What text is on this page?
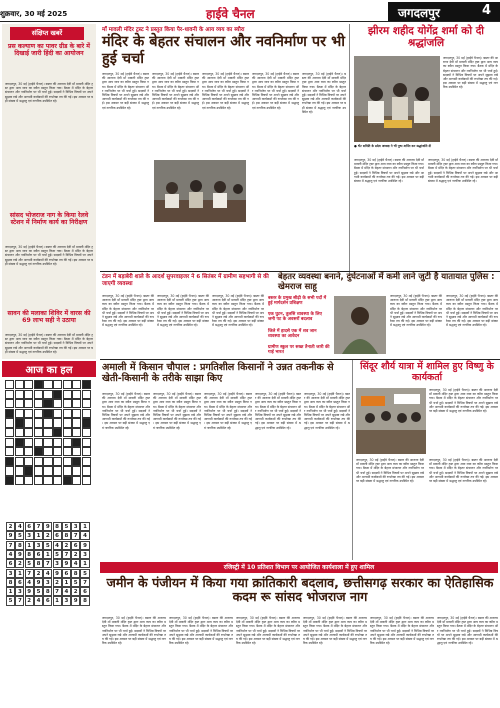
शुक्रवार, 30 मई 2025	हाईवे चैनल	जगदलपुर	4
संक्षिप्त खबरें
प्रस कल्याण का पावर ग्रीड के बारे में दिखाई जारी हिंदी का आयोजन
जगदलपुर, 30 मई (हाईवे चैनल)। बस्तर की आराध्य देवी माँ मावली मंदिर ट्रस्ट द्वारा आय व्यय का ब्यौरा प्रस्तुत किया गया। बैठक में मंदिर के बेहतर संचालन और नवनिर्माण पर भी चर्चा हुई। सदस्यों ने विभिन्न विषयों पर अपने सुझाव रखे और आगामी कार्यक्रमों की रूपरेखा तय की गई। इस अवसर पर बड़ी संख्या में श्रद्धालु एवं नागरिक उपस्थित रहे।
सांसद भोजराज नाग के किया रेलवे स्टेशन में निर्माण कार्य का निरीक्षण
जगदलपुर, 30 मई (हाईवे चैनल)। बस्तर की आराध्य देवी माँ मावली मंदिर ट्रस्ट द्वारा आय व्यय का ब्यौरा प्रस्तुत किया गया। बैठक में मंदिर के बेहतर संचालन और नवनिर्माण पर भी चर्चा हुई। सदस्यों ने विभिन्न विषयों पर अपने सुझाव रखे और आगामी कार्यक्रमों की रूपरेखा तय की गई। इस अवसर पर बड़ी संख्या में श्रद्धालु एवं नागरिक उपस्थित रहे।
सावन की मलाका शिविर में वारस की 69 लाभ सही ने उठाया
जगदलपुर, 30 मई (हाईवे चैनल)। बस्तर की आराध्य देवी माँ मावली मंदिर ट्रस्ट द्वारा आय व्यय का ब्यौरा प्रस्तुत किया गया। बैठक में मंदिर के बेहतर संचालन और नवनिर्माण पर भी चर्चा हुई। सदस्यों ने विभिन्न विषयों पर अपने सुझाव रखे और आगामी कार्यक्रमों की रूपरेखा तय की गई। इस अवसर पर बड़ी संख्या में श्रद्धालु एवं नागरिक उपस्थित रहे।
माँ मावली मंदिर ट्रस्ट ने प्रस्तुत किया पैर-धावनी के आय व्यय का ब्यौरा
मंदिर के बेहतर संचालन और नवनिर्माण पर भी हुई चर्चा
जगदलपुर, 30 मई (हाईवे चैनल)। बस्तर की आराध्य देवी माँ मावली मंदिर ट्रस्ट द्वारा आय व्यय का ब्यौरा प्रस्तुत किया गया। बैठक में मंदिर के बेहतर संचालन और नवनिर्माण पर भी चर्चा हुई। सदस्यों ने विभिन्न विषयों पर अपने सुझाव रखे और आगामी कार्यक्रमों की रूपरेखा तय की गई। इस अवसर पर बड़ी संख्या में श्रद्धालु एवं नागरिक उपस्थित रहे।
जगदलपुर, 30 मई (हाईवे चैनल)। बस्तर की आराध्य देवी माँ मावली मंदिर ट्रस्ट द्वारा आय व्यय का ब्यौरा प्रस्तुत किया गया। बैठक में मंदिर के बेहतर संचालन और नवनिर्माण पर भी चर्चा हुई। सदस्यों ने विभिन्न विषयों पर अपने सुझाव रखे और आगामी कार्यक्रमों की रूपरेखा तय की गई। इस अवसर पर बड़ी संख्या में श्रद्धालु एवं नागरिक उपस्थित रहे।
जगदलपुर, 30 मई (हाईवे चैनल)। बस्तर की आराध्य देवी माँ मावली मंदिर ट्रस्ट द्वारा आय व्यय का ब्यौरा प्रस्तुत किया गया। बैठक में मंदिर के बेहतर संचालन और नवनिर्माण पर भी चर्चा हुई। सदस्यों ने विभिन्न विषयों पर अपने सुझाव रखे और आगामी कार्यक्रमों की रूपरेखा तय की गई। इस अवसर पर बड़ी संख्या में श्रद्धालु एवं नागरिक उपस्थित रहे।
जगदलपुर, 30 मई (हाईवे चैनल)। बस्तर की आराध्य देवी माँ मावली मंदिर ट्रस्ट द्वारा आय व्यय का ब्यौरा प्रस्तुत किया गया। बैठक में मंदिर के बेहतर संचालन और नवनिर्माण पर भी चर्चा हुई। सदस्यों ने विभिन्न विषयों पर अपने सुझाव रखे और आगामी कार्यक्रमों की रूपरेखा तय की गई। इस अवसर पर बड़ी संख्या में श्रद्धालु एवं नागरिक उपस्थित रहे।
जगदलपुर, 30 मई (हाईवे चैनल)। बस्तर की आराध्य देवी माँ मावली मंदिर ट्रस्ट द्वारा आय व्यय का ब्यौरा प्रस्तुत किया गया। बैठक में मंदिर के बेहतर संचालन और नवनिर्माण पर भी चर्चा हुई। सदस्यों ने विभिन्न विषयों पर अपने सुझाव रखे और आगामी कार्यक्रमों की रूपरेखा तय की गई। इस अवसर पर बड़ी संख्या में श्रद्धालु एवं नागरिक उपस्थित रहे।
झीरम शहीद योगेंद्र शर्मा को दी श्रद्धांजलि
● भेंट समिति के प्रदेश अध्यक्ष ने भी पुष्प अर्पित कर श्रद्धांजलि दी
जगदलपुर, 30 मई (हाईवे चैनल)। बस्तर की आराध्य देवी माँ मावली मंदिर ट्रस्ट द्वारा आय व्यय का ब्यौरा प्रस्तुत किया गया। बैठक में मंदिर के बेहतर संचालन और नवनिर्माण पर भी चर्चा हुई। सदस्यों ने विभिन्न विषयों पर अपने सुझाव रखे और आगामी कार्यक्रमों की रूपरेखा तय की गई। इस अवसर पर बड़ी संख्या में श्रद्धालु एवं नागरिक उपस्थित रहे।
जगदलपुर, 30 मई (हाईवे चैनल)। बस्तर की आराध्य देवी माँ मावली मंदिर ट्रस्ट द्वारा आय व्यय का ब्यौरा प्रस्तुत किया गया। बैठक में मंदिर के बेहतर संचालन और नवनिर्माण पर भी चर्चा हुई। सदस्यों ने विभिन्न विषयों पर अपने सुझाव रखे और आगामी कार्यक्रमों की रूपरेखा तय की गई। इस अवसर पर बड़ी संख्या में श्रद्धालु एवं नागरिक उपस्थित रहे।
जगदलपुर, 30 मई (हाईवे चैनल)। बस्तर की आराध्य देवी माँ मावली मंदिर ट्रस्ट द्वारा आय व्यय का ब्यौरा प्रस्तुत किया गया। बैठक में मंदिर के बेहतर संचालन और नवनिर्माण पर भी चर्चा हुई। सदस्यों ने विभिन्न विषयों पर अपने सुझाव रखे और आगामी कार्यक्रमों की रूपरेखा तय की गई। इस अवसर पर बड़ी संख्या में श्रद्धालु एवं नागरिक उपस्थित रहे।
टंडन में बड़ाबेरी शाले के आदर्श सुपरवाइजर ने 6 सितंबर में ग्रामीण सहभागी से की जाएगी व्यवस्था
बेहतर व्यवस्था बनाने, दुर्घटनाओं में कमी लाने जुटी है यातायात पुलिस : खेमराज साहू
जगदलपुर, 30 मई (हाईवे चैनल)। बस्तर की आराध्य देवी माँ मावली मंदिर ट्रस्ट द्वारा आय व्यय का ब्यौरा प्रस्तुत किया गया। बैठक में मंदिर के बेहतर संचालन और नवनिर्माण पर भी चर्चा हुई। सदस्यों ने विभिन्न विषयों पर अपने सुझाव रखे और आगामी कार्यक्रमों की रूपरेखा तय की गई। इस अवसर पर बड़ी संख्या में श्रद्धालु एवं नागरिक उपस्थित रहे।
जगदलपुर, 30 मई (हाईवे चैनल)। बस्तर की आराध्य देवी माँ मावली मंदिर ट्रस्ट द्वारा आय व्यय का ब्यौरा प्रस्तुत किया गया। बैठक में मंदिर के बेहतर संचालन और नवनिर्माण पर भी चर्चा हुई। सदस्यों ने विभिन्न विषयों पर अपने सुझाव रखे और आगामी कार्यक्रमों की रूपरेखा तय की गई। इस अवसर पर बड़ी संख्या में श्रद्धालु एवं नागरिक उपस्थित रहे।
जगदलपुर, 30 मई (हाईवे चैनल)। बस्तर की आराध्य देवी माँ मावली मंदिर ट्रस्ट द्वारा आय व्यय का ब्यौरा प्रस्तुत किया गया। बैठक में मंदिर के बेहतर संचालन और नवनिर्माण पर भी चर्चा हुई। सदस्यों ने विभिन्न विषयों पर अपने सुझाव रखे और आगामी कार्यक्रमों की रूपरेखा तय की गई। इस अवसर पर बड़ी संख्या में श्रद्धालु एवं नागरिक उपस्थित रहे।
बस्तर के प्रमुख सीढ़ी के सभी पदों में हुई मार्गदर्शन प्रशिक्षण
एक घुटन, तुलसि व्यवस्था के लिए जमी पट के अवसरों बदलाव
जिले में हादसे एक में शव जान व्यवस्था का आवेदन
ग्रामीण स्कुल पर सख्त तैनाती जारी की गाई भारत
जगदलपुर, 30 मई (हाईवे चैनल)। बस्तर की आराध्य देवी माँ मावली मंदिर ट्रस्ट द्वारा आय व्यय का ब्यौरा प्रस्तुत किया गया। बैठक में मंदिर के बेहतर संचालन और नवनिर्माण पर भी चर्चा हुई। सदस्यों ने विभिन्न विषयों पर अपने सुझाव रखे और आगामी कार्यक्रमों की रूपरेखा तय की गई। इस अवसर पर बड़ी संख्या में श्रद्धालु एवं नागरिक उपस्थित रहे।
जगदलपुर, 30 मई (हाईवे चैनल)। बस्तर की आराध्य देवी माँ मावली मंदिर ट्रस्ट द्वारा आय व्यय का ब्यौरा प्रस्तुत किया गया। बैठक में मंदिर के बेहतर संचालन और नवनिर्माण पर भी चर्चा हुई। सदस्यों ने विभिन्न विषयों पर अपने सुझाव रखे और आगामी कार्यक्रमों की रूपरेखा तय की गई। इस अवसर पर बड़ी संख्या में श्रद्धालु एवं नागरिक उपस्थित रहे।
आज का हल
2 4 6 7 9 8 5 3 1
9 5 3 1 2 6 8 7 4
7 8 1 3 5 4 2 6 9
4 9 8 6 1 5 7 2 3
6 2 5 8 7 3 9 4 1
3 1 7 2 4 9 6 8 5
8 6 4 9 3 2 1 5 7
1 3 9 5 8 7 4 2 6
5 7 2 4 6 1 3 9 8
अमाली में किसान चौपाल : प्रगतिशील किसानों ने उन्नत तकनीक से खेती-किसानी के तरीके साझा किए
जगदलपुर, 30 मई (हाईवे चैनल)। बस्तर की आराध्य देवी माँ मावली मंदिर ट्रस्ट द्वारा आय व्यय का ब्यौरा प्रस्तुत किया गया। बैठक में मंदिर के बेहतर संचालन और नवनिर्माण पर भी चर्चा हुई। सदस्यों ने विभिन्न विषयों पर अपने सुझाव रखे और आगामी कार्यक्रमों की रूपरेखा तय की गई। इस अवसर पर बड़ी संख्या में श्रद्धालु एवं नागरिक उपस्थित रहे।
जगदलपुर, 30 मई (हाईवे चैनल)। बस्तर की आराध्य देवी माँ मावली मंदिर ट्रस्ट द्वारा आय व्यय का ब्यौरा प्रस्तुत किया गया। बैठक में मंदिर के बेहतर संचालन और नवनिर्माण पर भी चर्चा हुई। सदस्यों ने विभिन्न विषयों पर अपने सुझाव रखे और आगामी कार्यक्रमों की रूपरेखा तय की गई। इस अवसर पर बड़ी संख्या में श्रद्धालु एवं नागरिक उपस्थित रहे।
जगदलपुर, 30 मई (हाईवे चैनल)। बस्तर की आराध्य देवी माँ मावली मंदिर ट्रस्ट द्वारा आय व्यय का ब्यौरा प्रस्तुत किया गया। बैठक में मंदिर के बेहतर संचालन और नवनिर्माण पर भी चर्चा हुई। सदस्यों ने विभिन्न विषयों पर अपने सुझाव रखे और आगामी कार्यक्रमों की रूपरेखा तय की गई। इस अवसर पर बड़ी संख्या में श्रद्धालु एवं नागरिक उपस्थित रहे।
जगदलपुर, 30 मई (हाईवे चैनल)। बस्तर की आराध्य देवी माँ मावली मंदिर ट्रस्ट द्वारा आय व्यय का ब्यौरा प्रस्तुत किया गया। बैठक में मंदिर के बेहतर संचालन और नवनिर्माण पर भी चर्चा हुई। सदस्यों ने विभिन्न विषयों पर अपने सुझाव रखे और आगामी कार्यक्रमों की रूपरेखा तय की गई। इस अवसर पर बड़ी संख्या में श्रद्धालु एवं नागरिक उपस्थित रहे।
जगदलपुर, 30 मई (हाईवे चैनल)। बस्तर की आराध्य देवी माँ मावली मंदिर ट्रस्ट द्वारा आय व्यय का ब्यौरा प्रस्तुत किया गया। बैठक में मंदिर के बेहतर संचालन और नवनिर्माण पर भी चर्चा हुई। सदस्यों ने विभिन्न विषयों पर अपने सुझाव रखे और आगामी कार्यक्रमों की रूपरेखा तय की गई। इस अवसर पर बड़ी संख्या में श्रद्धालु एवं नागरिक उपस्थित रहे।
सिंदूर शौर्य यात्रा में शामिल हुए विष्णु के कार्यकर्ता
जगदलपुर, 30 मई (हाईवे चैनल)। बस्तर की आराध्य देवी माँ मावली मंदिर ट्रस्ट द्वारा आय व्यय का ब्यौरा प्रस्तुत किया गया। बैठक में मंदिर के बेहतर संचालन और नवनिर्माण पर भी चर्चा हुई। सदस्यों ने विभिन्न विषयों पर अपने सुझाव रखे और आगामी कार्यक्रमों की रूपरेखा तय की गई। इस अवसर पर बड़ी संख्या में श्रद्धालु एवं नागरिक उपस्थित रहे।
जगदलपुर, 30 मई (हाईवे चैनल)। बस्तर की आराध्य देवी माँ मावली मंदिर ट्रस्ट द्वारा आय व्यय का ब्यौरा प्रस्तुत किया गया। बैठक में मंदिर के बेहतर संचालन और नवनिर्माण पर भी चर्चा हुई। सदस्यों ने विभिन्न विषयों पर अपने सुझाव रखे और आगामी कार्यक्रमों की रूपरेखा तय की गई। इस अवसर पर बड़ी संख्या में श्रद्धालु एवं नागरिक उपस्थित रहे।
जगदलपुर, 30 मई (हाईवे चैनल)। बस्तर की आराध्य देवी माँ मावली मंदिर ट्रस्ट द्वारा आय व्यय का ब्यौरा प्रस्तुत किया गया। बैठक में मंदिर के बेहतर संचालन और नवनिर्माण पर भी चर्चा हुई। सदस्यों ने विभिन्न विषयों पर अपने सुझाव रखे और आगामी कार्यक्रमों की रूपरेखा तय की गई। इस अवसर पर बड़ी संख्या में श्रद्धालु एवं नागरिक उपस्थित रहे।
रजिस्ट्री में 10 प्रतिशत विभाग पर आयोजित कार्यशाला में हुए शामिल
जमीन के पंजीयन में किया गया क्रांतिकारी बदलाव, छत्तीसगढ़ सरकार का ऐतिहासिक कदम रू सांसद भोजराज नाग
जगदलपुर, 30 मई (हाईवे चैनल)। बस्तर की आराध्य देवी माँ मावली मंदिर ट्रस्ट द्वारा आय व्यय का ब्यौरा प्रस्तुत किया गया। बैठक में मंदिर के बेहतर संचालन और नवनिर्माण पर भी चर्चा हुई। सदस्यों ने विभिन्न विषयों पर अपने सुझाव रखे और आगामी कार्यक्रमों की रूपरेखा तय की गई। इस अवसर पर बड़ी संख्या में श्रद्धालु एवं नागरिक उपस्थित रहे।
जगदलपुर, 30 मई (हाईवे चैनल)। बस्तर की आराध्य देवी माँ मावली मंदिर ट्रस्ट द्वारा आय व्यय का ब्यौरा प्रस्तुत किया गया। बैठक में मंदिर के बेहतर संचालन और नवनिर्माण पर भी चर्चा हुई। सदस्यों ने विभिन्न विषयों पर अपने सुझाव रखे और आगामी कार्यक्रमों की रूपरेखा तय की गई। इस अवसर पर बड़ी संख्या में श्रद्धालु एवं नागरिक उपस्थित रहे।
जगदलपुर, 30 मई (हाईवे चैनल)। बस्तर की आराध्य देवी माँ मावली मंदिर ट्रस्ट द्वारा आय व्यय का ब्यौरा प्रस्तुत किया गया। बैठक में मंदिर के बेहतर संचालन और नवनिर्माण पर भी चर्चा हुई। सदस्यों ने विभिन्न विषयों पर अपने सुझाव रखे और आगामी कार्यक्रमों की रूपरेखा तय की गई। इस अवसर पर बड़ी संख्या में श्रद्धालु एवं नागरिक उपस्थित रहे।
जगदलपुर, 30 मई (हाईवे चैनल)। बस्तर की आराध्य देवी माँ मावली मंदिर ट्रस्ट द्वारा आय व्यय का ब्यौरा प्रस्तुत किया गया। बैठक में मंदिर के बेहतर संचालन और नवनिर्माण पर भी चर्चा हुई। सदस्यों ने विभिन्न विषयों पर अपने सुझाव रखे और आगामी कार्यक्रमों की रूपरेखा तय की गई। इस अवसर पर बड़ी संख्या में श्रद्धालु एवं नागरिक उपस्थित रहे।
जगदलपुर, 30 मई (हाईवे चैनल)। बस्तर की आराध्य देवी माँ मावली मंदिर ट्रस्ट द्वारा आय व्यय का ब्यौरा प्रस्तुत किया गया। बैठक में मंदिर के बेहतर संचालन और नवनिर्माण पर भी चर्चा हुई। सदस्यों ने विभिन्न विषयों पर अपने सुझाव रखे और आगामी कार्यक्रमों की रूपरेखा तय की गई। इस अवसर पर बड़ी संख्या में श्रद्धालु एवं नागरिक उपस्थित रहे।
जगदलपुर, 30 मई (हाईवे चैनल)। बस्तर की आराध्य देवी माँ मावली मंदिर ट्रस्ट द्वारा आय व्यय का ब्यौरा प्रस्तुत किया गया। बैठक में मंदिर के बेहतर संचालन और नवनिर्माण पर भी चर्चा हुई। सदस्यों ने विभिन्न विषयों पर अपने सुझाव रखे और आगामी कार्यक्रमों की रूपरेखा तय की गई। इस अवसर पर बड़ी संख्या में श्रद्धालु एवं नागरिक उपस्थित रहे।
